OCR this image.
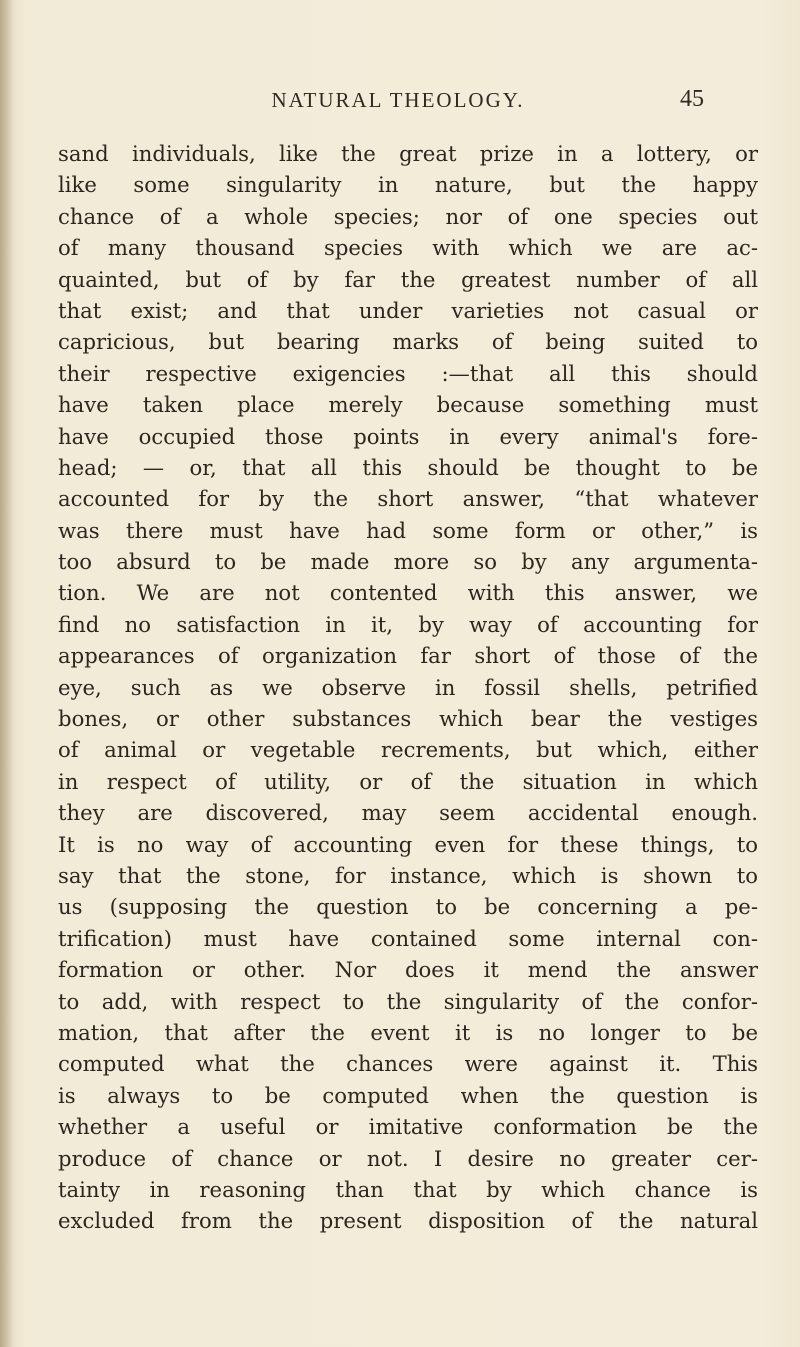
NATURAL THEOLOGY.	45
sand individuals, like the great prize in a lottery, or
like some singularity in nature, but the happy
chance of a whole species; nor of one species out
of many thousand species with which we are ac-
quainted, but of by far the greatest number of all
that exist; and that under varieties not casual or
capricious, but bearing marks of being suited to
their respective exigencies :—that all this should
have taken place merely because something must
have occupied those points in every animal's fore-
head; — or, that all this should be thought to be
accounted for by the short answer, “that whatever
was there must have had some form or other,” is
too absurd to be made more so by any argumenta-
tion. We are not contented with this answer, we
find no satisfaction in it, by way of accounting for
appearances of organization far short of those of the
eye, such as we observe in fossil shells, petrified
bones, or other substances which bear the vestiges
of animal or vegetable recrements, but which, either
in respect of utility, or of the situation in which
they are discovered, may seem accidental enough.
It is no way of accounting even for these things, to
say that the stone, for instance, which is shown to
us (supposing the question to be concerning a pe-
trification) must have contained some internal con-
formation or other. Nor does it mend the answer
to add, with respect to the singularity of the confor-
mation, that after the event it is no longer to be
computed what the chances were against it. This
is always to be computed when the question is
whether a useful or imitative conformation be the
produce of chance or not. I desire no greater cer-
tainty in reasoning than that by which chance is
excluded from the present disposition of the natural
